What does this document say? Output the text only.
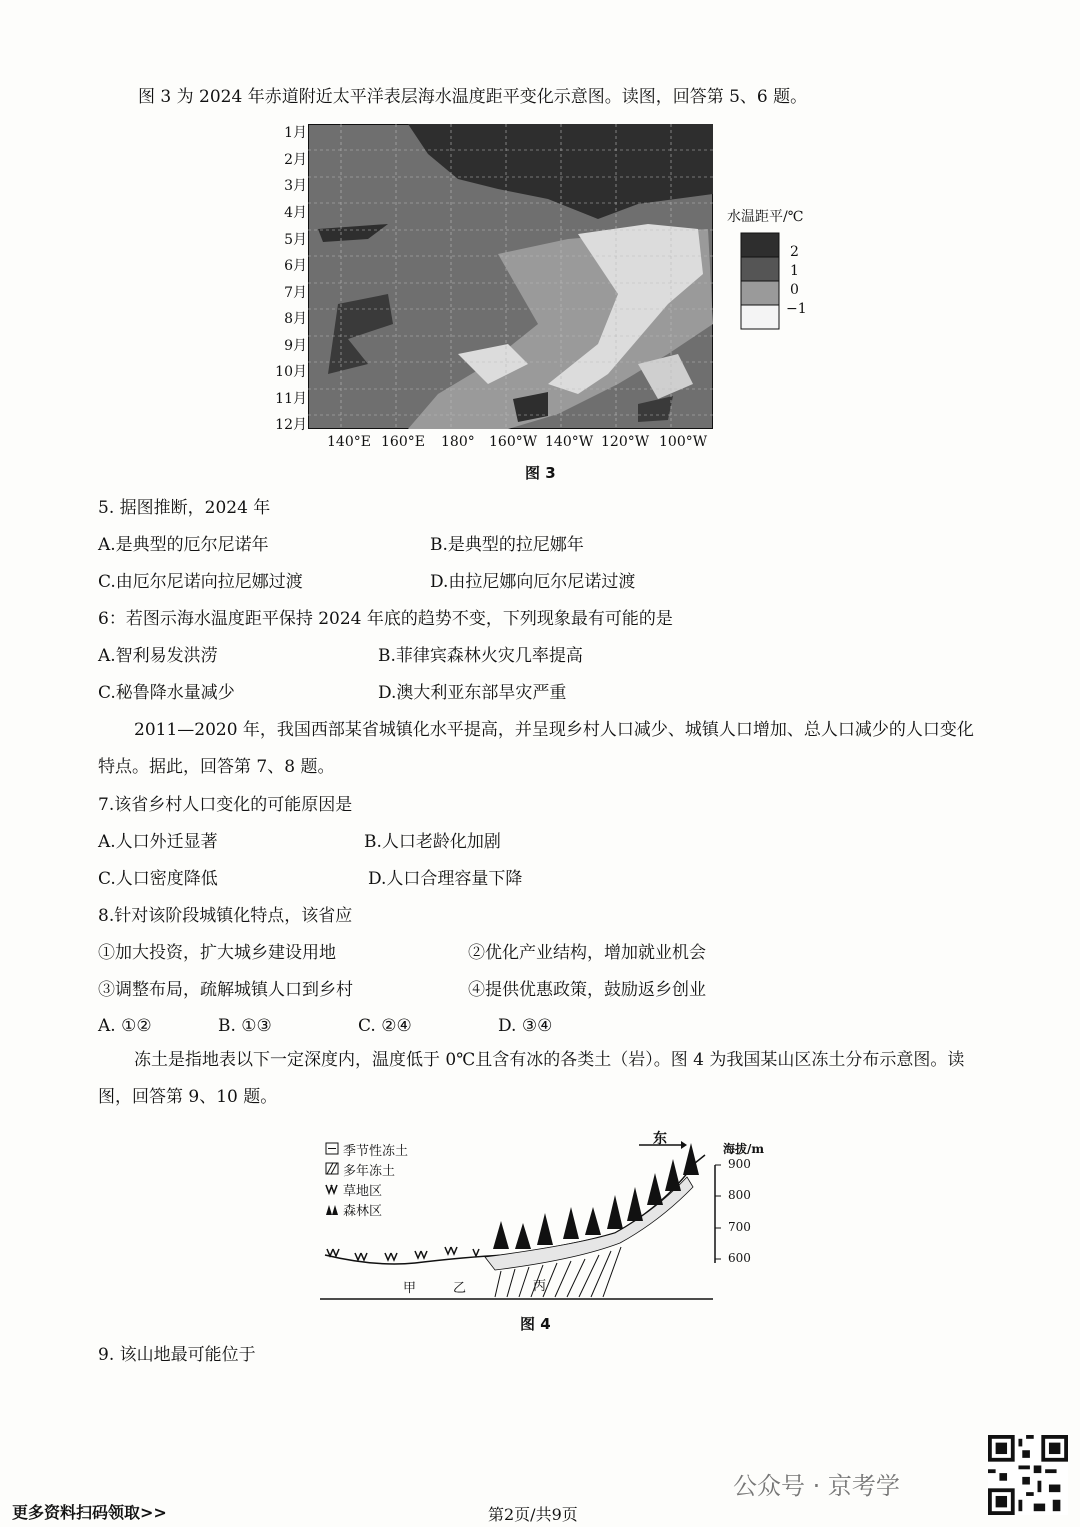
图 3 为 2024 年赤道附近太平洋表层海水温度距平变化示意图。读图，回答第 5、6 题。
1月
2月
3月
4月
5月
6月
7月
8月
9月
10月
11月
12月
140°E 160°E 180° 160°W 140°W 120°W 100°W
水温距平/℃
2
1
0
−1
图 3
5. 据图推断，2024 年
A.是典型的厄尔尼诺年	B.是典型的拉尼娜年
C.由厄尔尼诺向拉尼娜过渡	D.由拉尼娜向厄尔尼诺过渡
6：若图示海水温度距平保持 2024 年底的趋势不变，下列现象最有可能的是
A.智利易发洪涝	B.菲律宾森林火灾几率提高
C.秘鲁降水量减少	D.澳大利亚东部旱灾严重
2011—2020 年，我国西部某省城镇化水平提高，并呈现乡村人口减少、城镇人口增加、总人口减少的人口变化特点。据此，回答第 7、8 题。
7.该省乡村人口变化的可能原因是
A.人口外迁显著	B.人口老龄化加剧
C.人口密度降低	D.人口合理容量下降
8.针对该阶段城镇化特点，该省应
①加大投资，扩大城乡建设用地	②优化产业结构，增加就业机会
③调整布局，疏解城镇人口到乡村	④提供优惠政策，鼓励返乡创业
A. ①②	B. ①③	C. ②④	D. ③④
冻土是指地表以下一定深度内，温度低于 0℃且含有冰的各类土（岩）。图 4 为我国某山区冻土分布示意图。读图，回答第 9、10 题。
季节性冻土
多年冻土
草地区
森林区
东
海拔/m
900
800
700
600
甲	乙	丙
图 4
9. 该山地最可能位于
公众号 · 京考学
更多资料扫码领取>>	第2页/共9页
